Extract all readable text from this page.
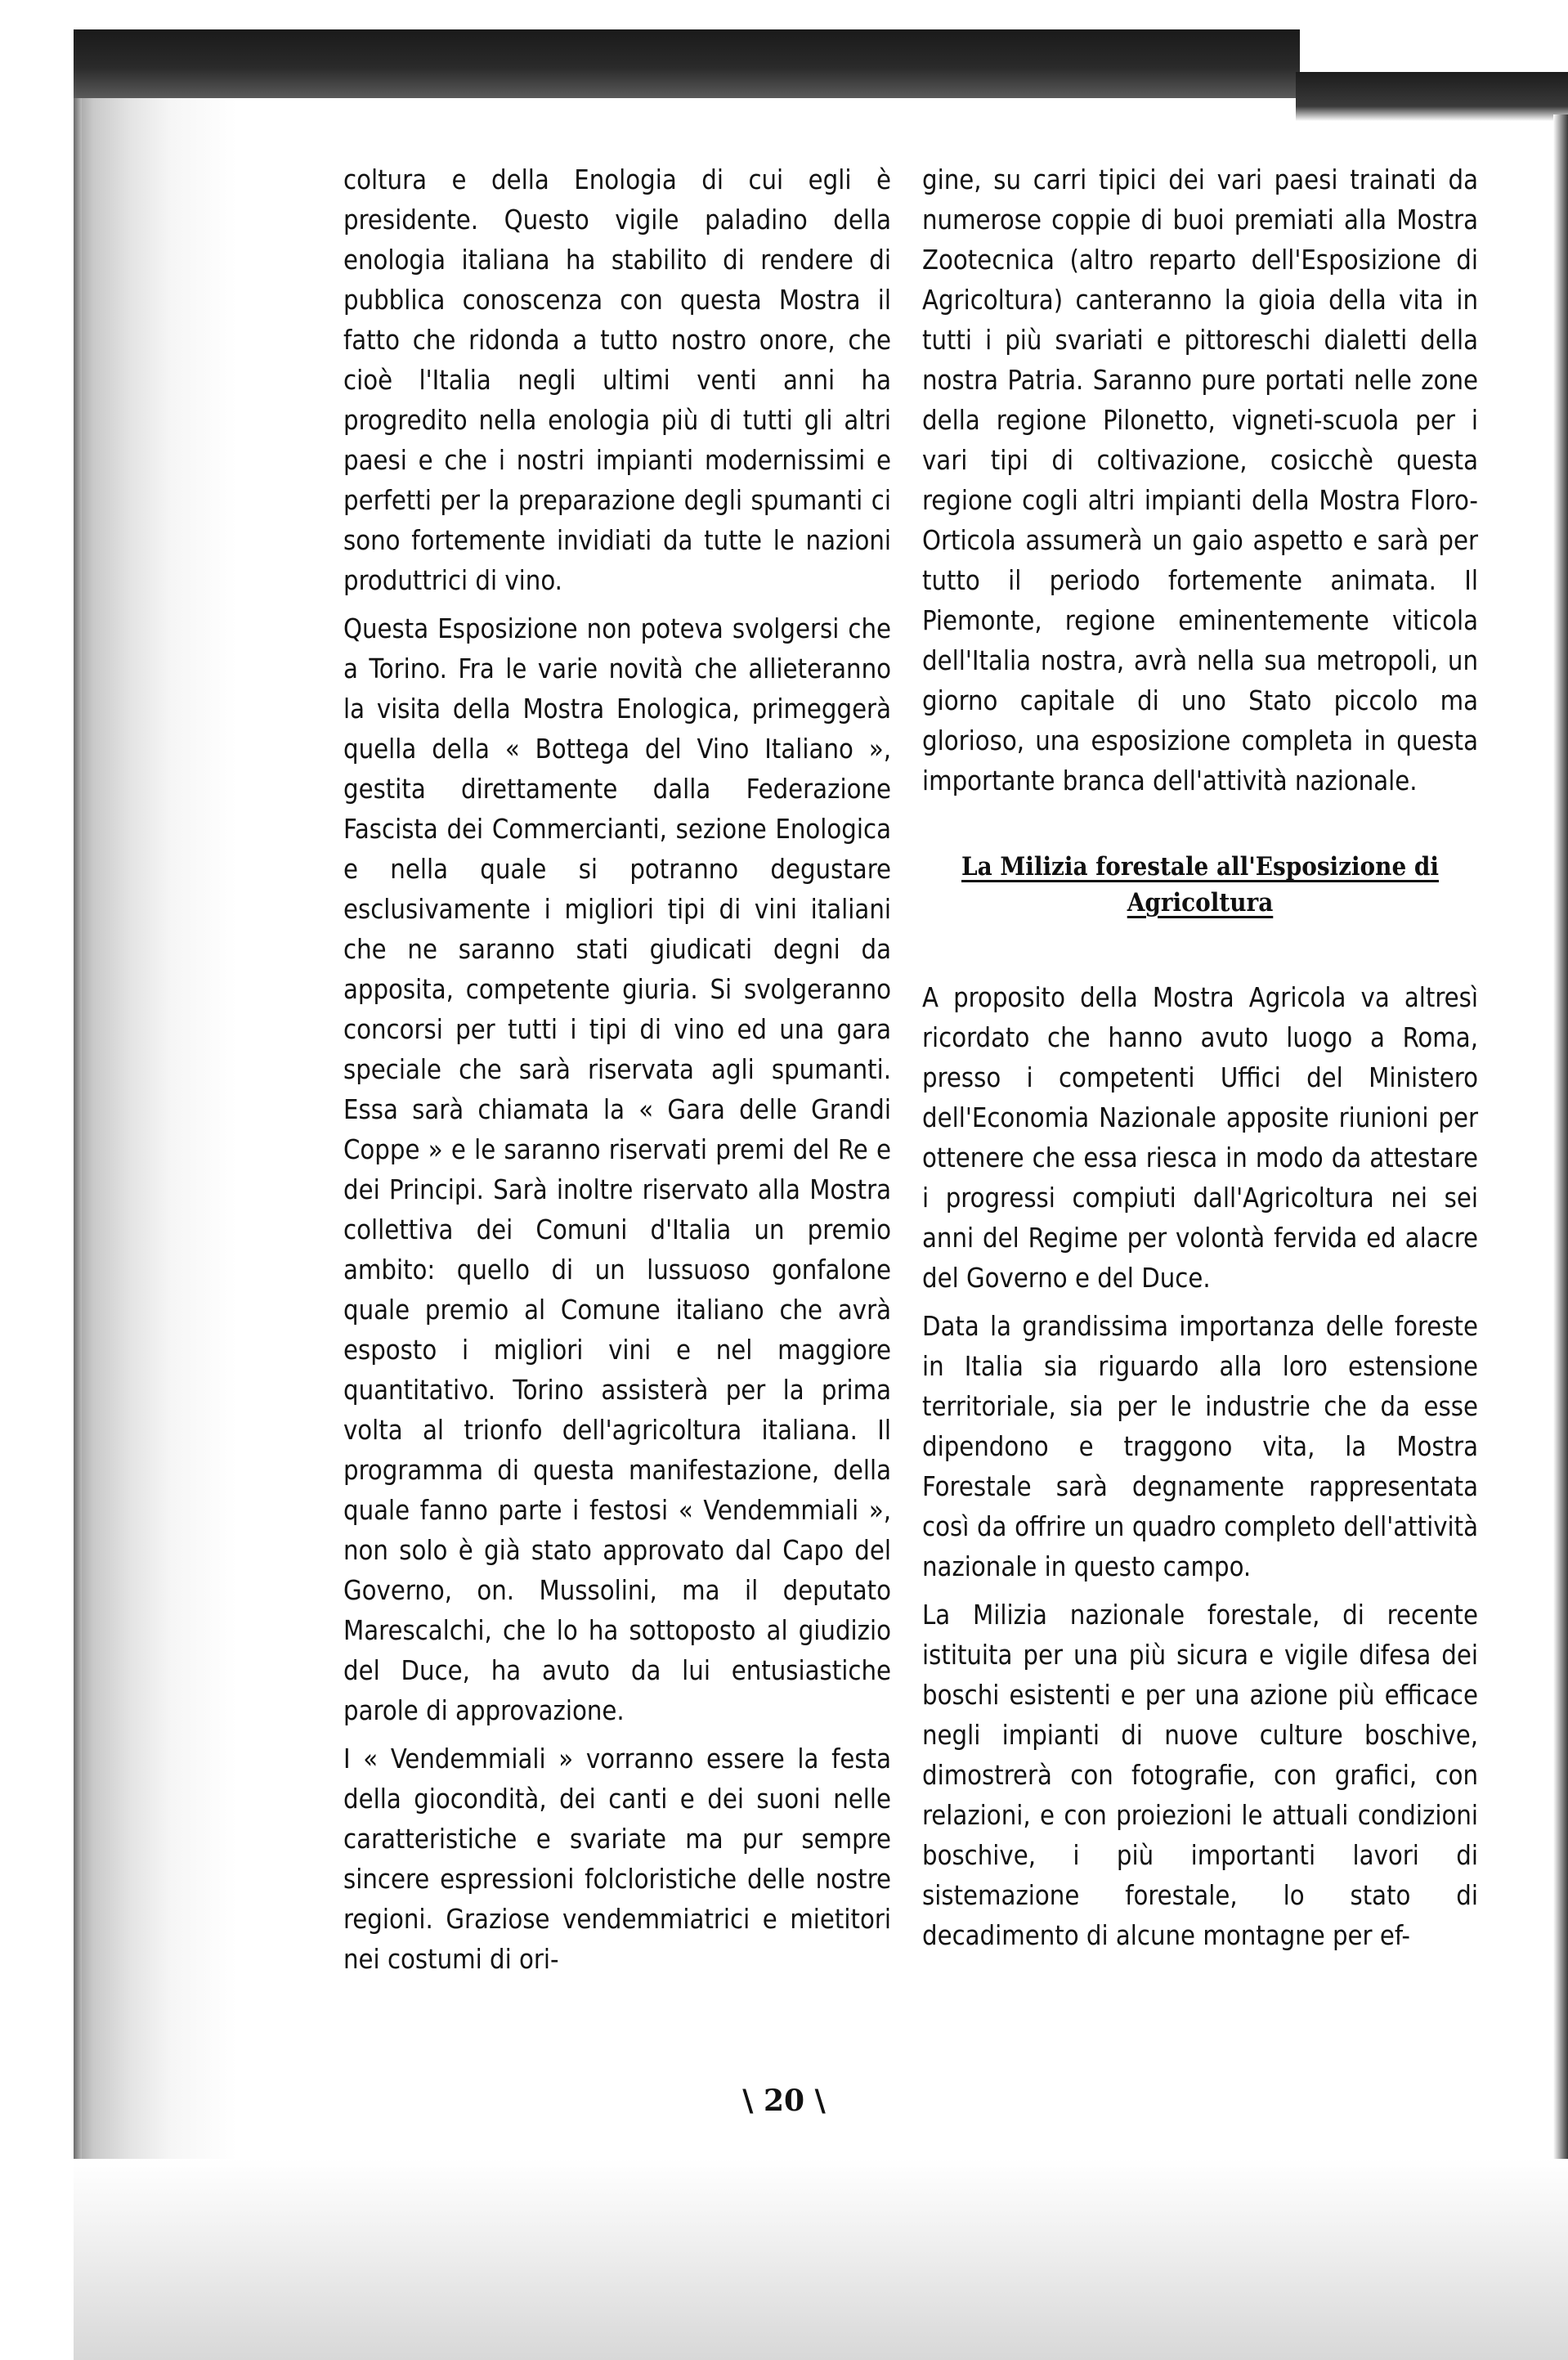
coltura e della Enologia di cui egli è presidente. Questo vigile paladino della enologia italiana ha stabilito di rendere di pubblica conoscenza con questa Mostra il fatto che ridonda a tutto nostro onore, che cioè l'Italia negli ultimi venti anni ha progredito nella enologia più di tutti gli altri paesi e che i nostri impianti modernissimi e perfetti per la preparazione degli spumanti ci sono fortemente invidiati da tutte le nazioni produttrici di vino.

Questa Esposizione non poteva svolgersi che a Torino. Fra le varie novità che allieteranno la visita della Mostra Enologica, primeggerà quella della « Bottega del Vino Italiano », gestita direttamente dalla Federazione Fascista dei Commercianti, sezione Enologica e nella quale si potranno degustare esclusivamente i migliori tipi di vini italiani che ne saranno stati giudicati degni da apposita, competente giuria. Si svolgeranno concorsi per tutti i tipi di vino ed una gara speciale che sarà riservata agli spumanti. Essa sarà chiamata la « Gara delle Grandi Coppe » e le saranno riservati premi del Re e dei Principi. Sarà inoltre riservato alla Mostra collettiva dei Comuni d'Italia un premio ambito: quello di un lussuoso gonfalone quale premio al Comune italiano che avrà esposto i migliori vini e nel maggiore quantitativo. Torino assisterà per la prima volta al trionfo dell'agricoltura italiana. Il programma di questa manifestazione, della quale fanno parte i festosi « Vendemmiali », non solo è già stato approvato dal Capo del Governo, on. Mussolini, ma il deputato Marescalchi, che lo ha sottoposto al giudizio del Duce, ha avuto da lui entusiastiche parole di approvazione.

I « Vendemmiali » vorranno essere la festa della giocondità, dei canti e dei suoni nelle caratteristiche e svariate ma pur sempre sincere espressioni folcloristiche delle nostre regioni. Graziose vendemmiatrici e mietitori nei costumi di ori-

gine, su carri tipici dei vari paesi trainati da numerose coppie di buoi premiati alla Mostra Zootecnica (altro reparto dell'Esposizione di Agricoltura) canteranno la gioia della vita in tutti i più svariati e pittoreschi dialetti della nostra Patria. Saranno pure portati nelle zone della regione Pilonetto, vigneti-scuola per i vari tipi di coltivazione, cosicchè questa regione cogli altri impianti della Mostra Floro-Orticola assumerà un gaio aspetto e sarà per tutto il periodo fortemente animata. Il Piemonte, regione eminentemente viticola dell'Italia nostra, avrà nella sua metropoli, un giorno capitale di uno Stato piccolo ma glorioso, una esposizione completa in questa importante branca dell'attività nazionale.

La Milizia forestale all'Esposizione di
Agricoltura

A proposito della Mostra Agricola va altresì ricordato che hanno avuto luogo a Roma, presso i competenti Uffici del Ministero dell'Economia Nazionale apposite riunioni per ottenere che essa riesca in modo da attestare i progressi compiuti dall'Agricoltura nei sei anni del Regime per volontà fervida ed alacre del Governo e del Duce.

Data la grandissima importanza delle foreste in Italia sia riguardo alla loro estensione territoriale, sia per le industrie che da esse dipendono e traggono vita, la Mostra Forestale sarà degnamente rappresentata così da offrire un quadro completo dell'attività nazionale in questo campo.

La Milizia nazionale forestale, di recente istituita per una più sicura e vigile difesa dei boschi esistenti e per una azione più efficace negli impianti di nuove culture boschive, dimostrerà con fotografie, con grafici, con relazioni, e con proiezioni le attuali condizioni boschive, i più importanti lavori di sistemazione forestale, lo stato di decadimento di alcune montagne per ef-

\ 20 \
